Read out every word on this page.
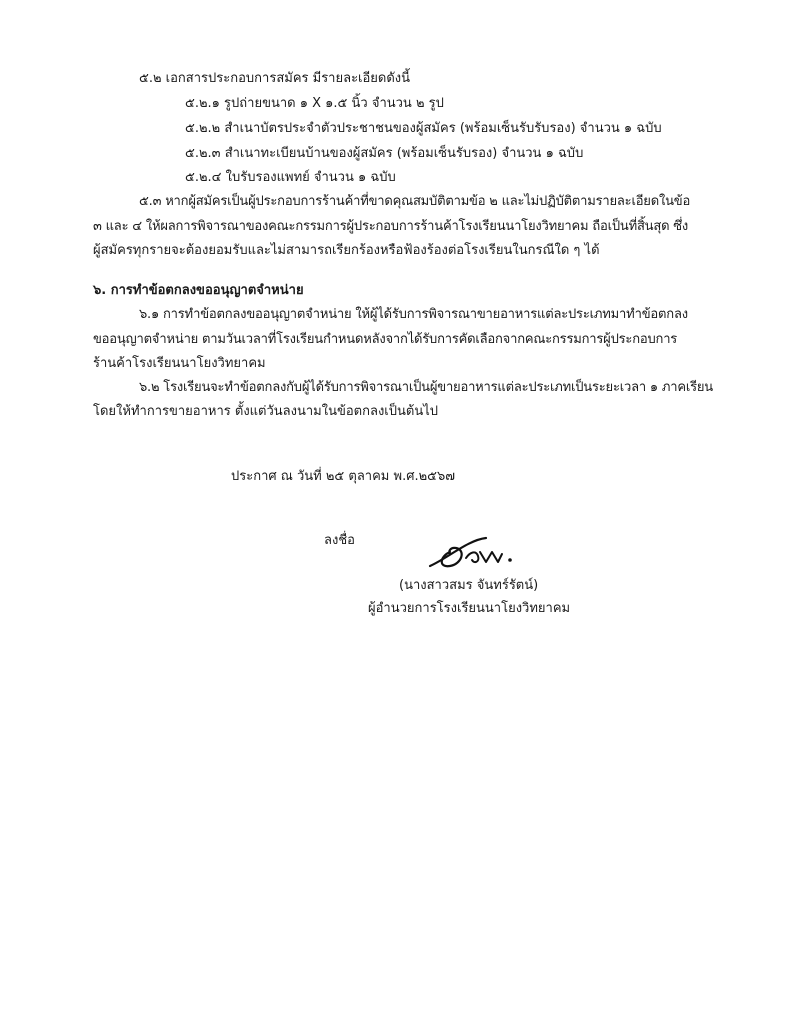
๕.๒ เอกสารประกอบการสมัคร มีรายละเอียดดังนี้
๕.๒.๑ รูปถ่ายขนาด ๑ X ๑.๕ นิ้ว จำนวน ๒ รูป
๕.๒.๒ สำเนาบัตรประจำตัวประชาชนของผู้สมัคร (พร้อมเซ็นรับรับรอง) จำนวน ๑ ฉบับ
๕.๒.๓ สำเนาทะเบียนบ้านของผู้สมัคร (พร้อมเซ็นรับรอง) จำนวน ๑ ฉบับ
๕.๒.๔ ใบรับรองแพทย์ จำนวน ๑ ฉบับ
๕.๓ หากผู้สมัครเป็นผู้ประกอบการร้านค้าที่ขาดคุณสมบัติตามข้อ ๒ และไม่ปฏิบัติตามรายละเอียดในข้อ
๓ และ ๔ ให้ผลการพิจารณาของคณะกรรมการผู้ประกอบการร้านค้าโรงเรียนนาโยงวิทยาคม ถือเป็นที่สิ้นสุด ซึ่ง
ผู้สมัครทุกรายจะต้องยอมรับและไม่สามารถเรียกร้องหรือฟ้องร้องต่อโรงเรียนในกรณีใด ๆ ได้
๖. การทำข้อตกลงขออนุญาตจำหน่าย
๖.๑ การทำข้อตกลงขออนุญาตจำหน่าย ให้ผู้ได้รับการพิจารณาขายอาหารแต่ละประเภทมาทำข้อตกลง
ขออนุญาตจำหน่าย ตามวันเวลาที่โรงเรียนกำหนดหลังจากได้รับการคัดเลือกจากคณะกรรมการผู้ประกอบการ
ร้านค้าโรงเรียนนาโยงวิทยาคม
๖.๒ โรงเรียนจะทำข้อตกลงกับผู้ได้รับการพิจารณาเป็นผู้ขายอาหารแต่ละประเภทเป็นระยะเวลา ๑ ภาคเรียน
โดยให้ทำการขายอาหาร ตั้งแต่วันลงนามในข้อตกลงเป็นต้นไป
ประกาศ ณ วันที่ ๒๕ ตุลาคม พ.ศ.๒๕๖๗
ลงชื่อ
(นางสาวสมร จันทร์รัตน์)
ผู้อำนวยการโรงเรียนนาโยงวิทยาคม
